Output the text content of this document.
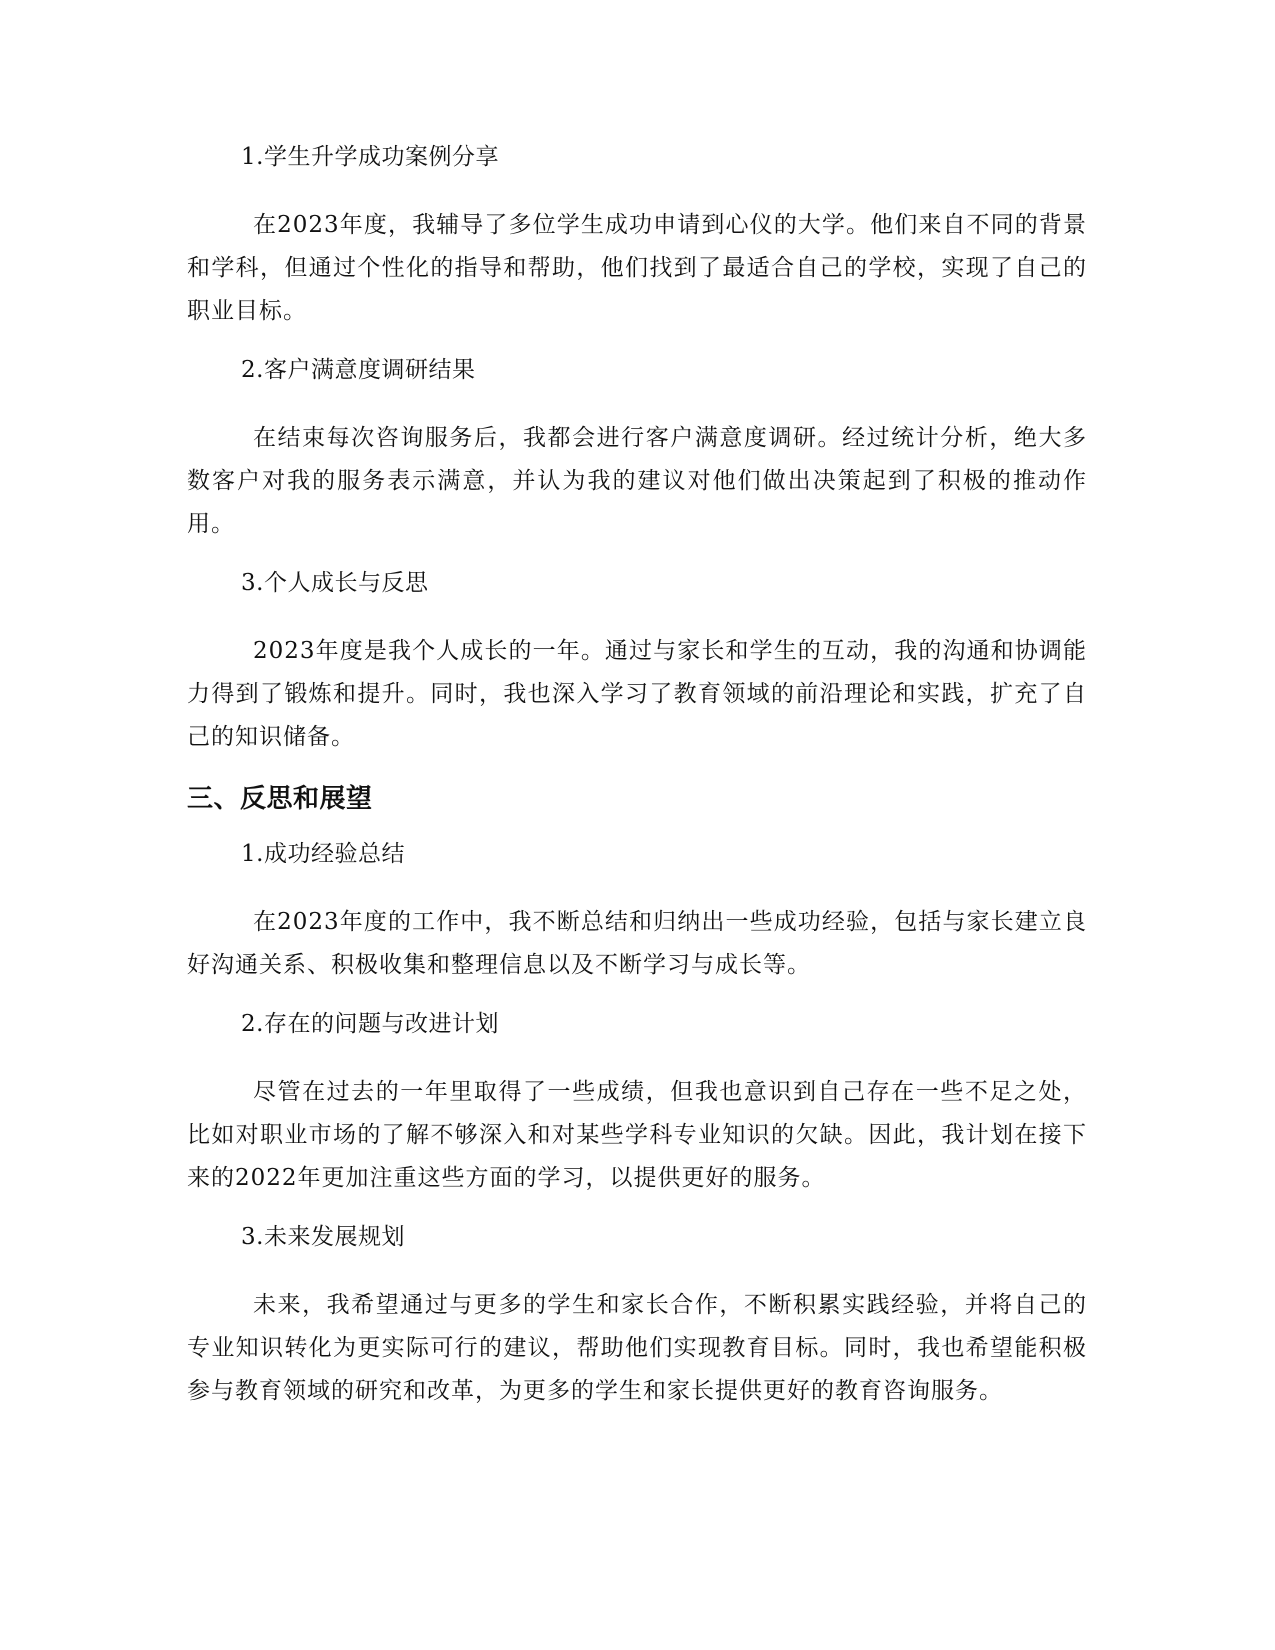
1.学生升学成功案例分享
在2023年度，我辅导了多位学生成功申请到心仪的大学。他们来自不同的背景和学科，但通过个性化的指导和帮助，他们找到了最适合自己的学校，实现了自己的职业目标。
2.客户满意度调研结果
在结束每次咨询服务后，我都会进行客户满意度调研。经过统计分析，绝大多数客户对我的服务表示满意，并认为我的建议对他们做出决策起到了积极的推动作用。
3.个人成长与反思
2023年度是我个人成长的一年。通过与家长和学生的互动，我的沟通和协调能力得到了锻炼和提升。同时，我也深入学习了教育领域的前沿理论和实践，扩充了自己的知识储备。
三、反思和展望
1.成功经验总结
在2023年度的工作中，我不断总结和归纳出一些成功经验，包括与家长建立良好沟通关系、积极收集和整理信息以及不断学习与成长等。
2.存在的问题与改进计划
尽管在过去的一年里取得了一些成绩，但我也意识到自己存在一些不足之处，比如对职业市场的了解不够深入和对某些学科专业知识的欠缺。因此，我计划在接下来的2022年更加注重这些方面的学习，以提供更好的服务。
3.未来发展规划
未来，我希望通过与更多的学生和家长合作，不断积累实践经验，并将自己的专业知识转化为更实际可行的建议，帮助他们实现教育目标。同时，我也希望能积极参与教育领域的研究和改革，为更多的学生和家长提供更好的教育咨询服务。
